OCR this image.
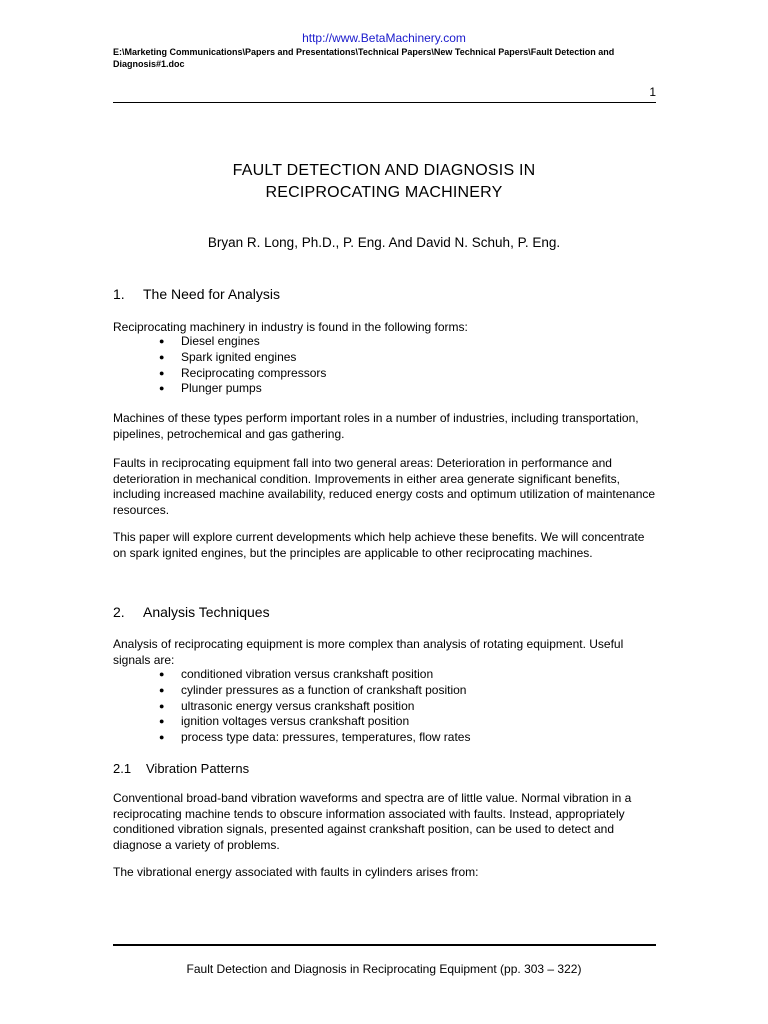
http://www.BetaMachinery.com
E:\Marketing Communications\Papers and Presentations\Technical Papers\New Technical Papers\Fault Detection and Diagnosis#1.doc
1
FAULT DETECTION AND DIAGNOSIS IN
RECIPROCATING MACHINERY
Bryan R. Long, Ph.D., P. Eng. And David N. Schuh, P. Eng.
1. The Need for Analysis
Reciprocating machinery in industry is found in the following forms:
● Diesel engines
● Spark ignited engines
● Reciprocating compressors
● Plunger pumps
Machines of these types perform important roles in a number of industries, including transportation, pipelines, petrochemical and gas gathering.
Faults in reciprocating equipment fall into two general areas: Deterioration in performance and deterioration in mechanical condition. Improvements in either area generate significant benefits, including increased machine availability, reduced energy costs and optimum utilization of maintenance resources.
This paper will explore current developments which help achieve these benefits. We will concentrate on spark ignited engines, but the principles are applicable to other reciprocating machines.
2. Analysis Techniques
Analysis of reciprocating equipment is more complex than analysis of rotating equipment. Useful signals are:
● conditioned vibration versus crankshaft position
● cylinder pressures as a function of crankshaft position
● ultrasonic energy versus crankshaft position
● ignition voltages versus crankshaft position
● process type data: pressures, temperatures, flow rates
2.1 Vibration Patterns
Conventional broad-band vibration waveforms and spectra are of little value. Normal vibration in a reciprocating machine tends to obscure information associated with faults. Instead, appropriately conditioned vibration signals, presented against crankshaft position, can be used to detect and diagnose a variety of problems.
The vibrational energy associated with faults in cylinders arises from:
Fault Detection and Diagnosis in Reciprocating Equipment (pp. 303 – 322)
